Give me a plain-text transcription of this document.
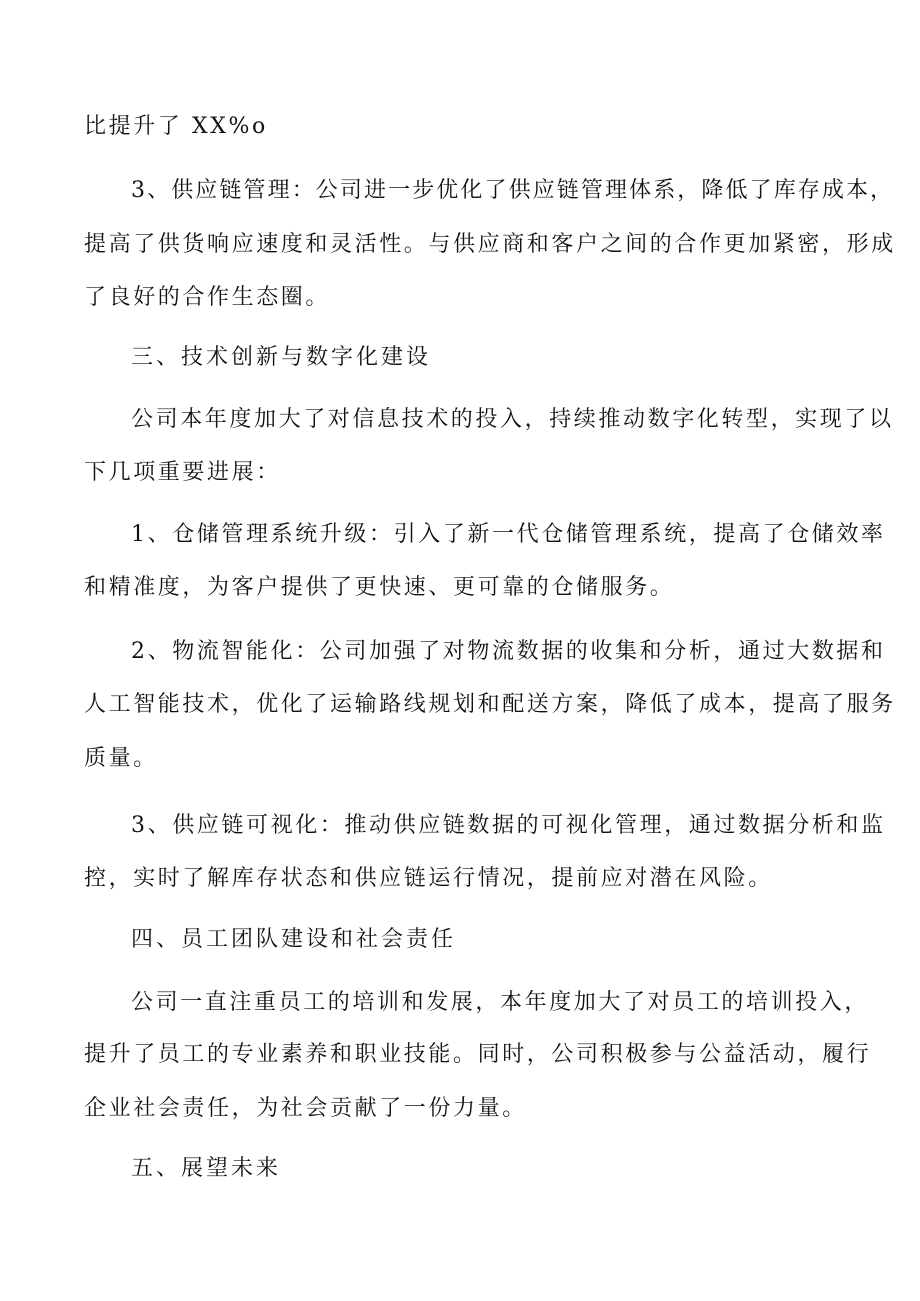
比提升了 XX%o
3、供应链管理：公司进一步优化了供应链管理体系，降低了库存成本，
提高了供货响应速度和灵活性。与供应商和客户之间的合作更加紧密，形成
了良好的合作生态圈。
三、技术创新与数字化建设
公司本年度加大了对信息技术的投入，持续推动数字化转型，实现了以
下几项重要进展：
1、仓储管理系统升级：引入了新一代仓储管理系统，提高了仓储效率
和精准度，为客户提供了更快速、更可靠的仓储服务。
2、物流智能化：公司加强了对物流数据的收集和分析，通过大数据和
人工智能技术，优化了运输路线规划和配送方案，降低了成本，提高了服务
质量。
3、供应链可视化：推动供应链数据的可视化管理，通过数据分析和监
控，实时了解库存状态和供应链运行情况，提前应对潜在风险。
四、员工团队建设和社会责任
公司一直注重员工的培训和发展，本年度加大了对员工的培训投入，
提升了员工的专业素养和职业技能。同时，公司积极参与公益活动，履行
企业社会责任，为社会贡献了一份力量。
五、展望未来
